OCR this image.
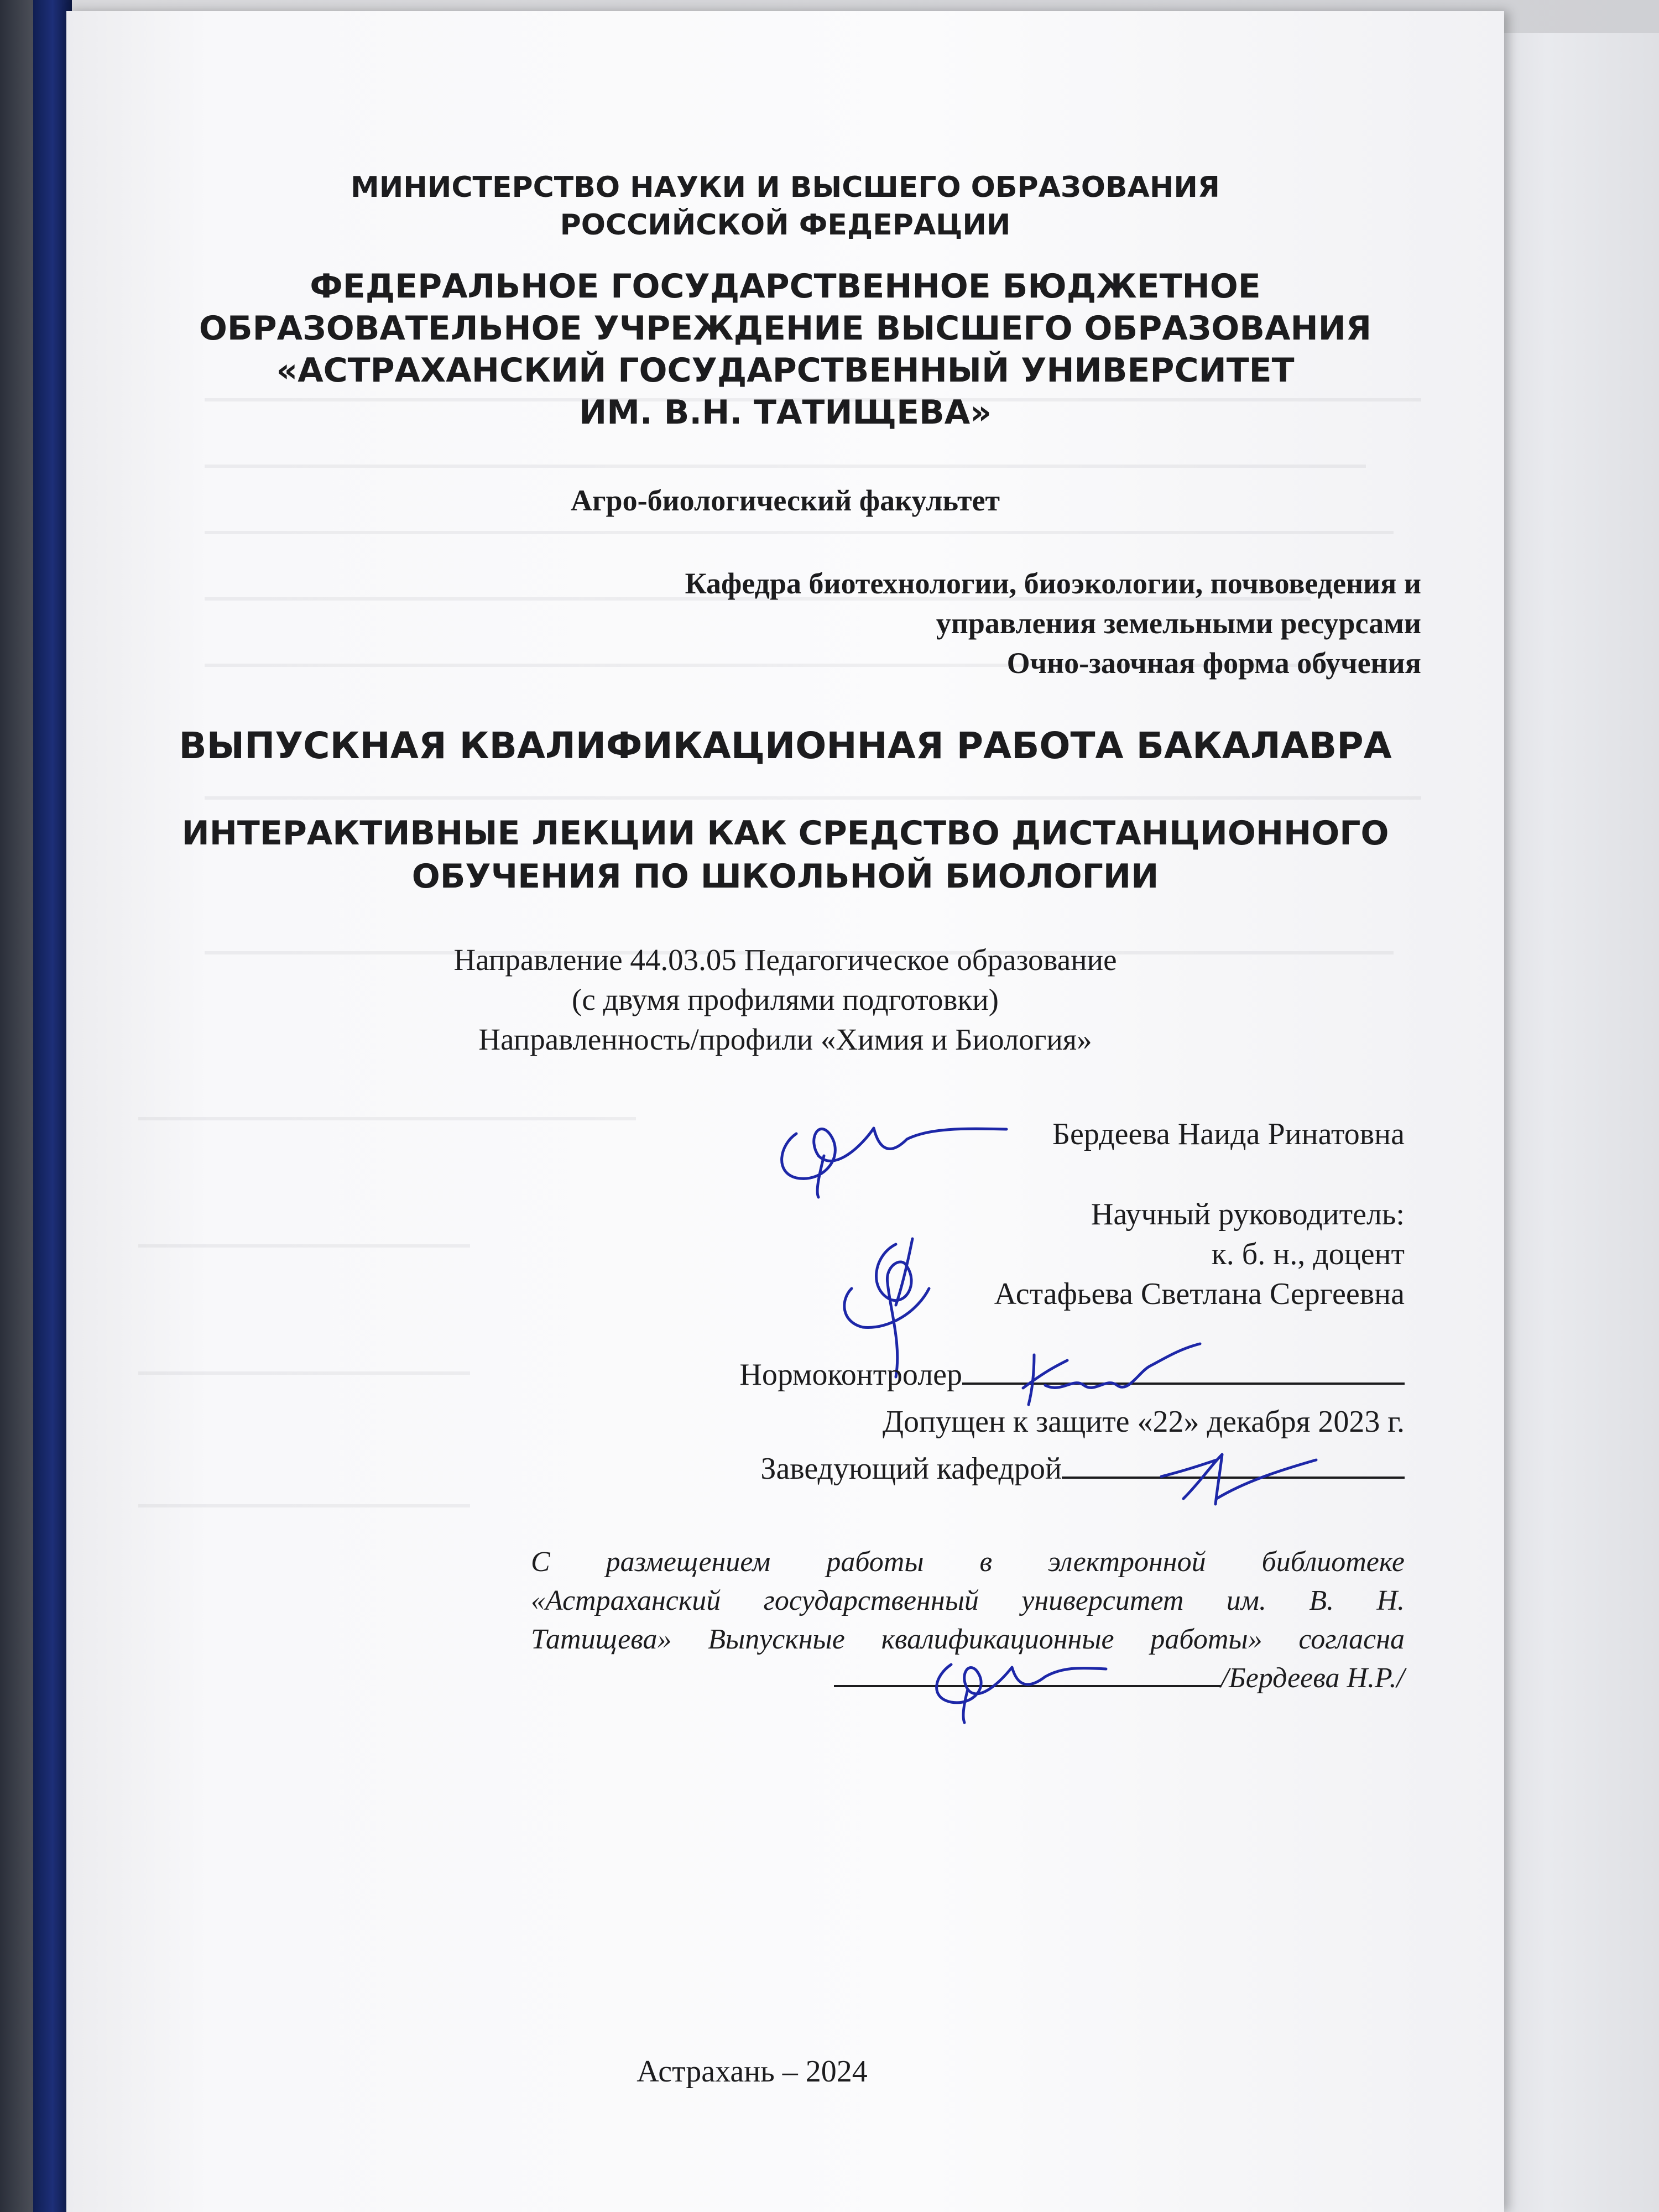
МИНИСТЕРСТВО НАУКИ И ВЫСШЕГО ОБРАЗОВАНИЯ
РОССИЙСКОЙ ФЕДЕРАЦИИ
ФЕДЕРАЛЬНОЕ ГОСУДАРСТВЕННОЕ БЮДЖЕТНОЕ
ОБРАЗОВАТЕЛЬНОЕ УЧРЕЖДЕНИЕ ВЫСШЕГО ОБРАЗОВАНИЯ
«АСТРАХАНСКИЙ ГОСУДАРСТВЕННЫЙ УНИВЕРСИТЕТ
ИМ. В.Н. ТАТИЩЕВА»
Агро-биологический факультет
Кафедра биотехнологии, биоэкологии, почвоведения и
управления земельными ресурсами
Очно-заочная форма обучения
ВЫПУСКНАЯ КВАЛИФИКАЦИОННАЯ РАБОТА БАКАЛАВРА
ИНТЕРАКТИВНЫЕ ЛЕКЦИИ КАК СРЕДСТВО ДИСТАНЦИОННОГО
ОБУЧЕНИЯ ПО ШКОЛЬНОЙ БИОЛОГИИ
Направление 44.03.05 Педагогическое образование
(с двумя профилями подготовки)
Направленность/профили «Химия и Биология»
Бердеева Наида Ринатовна
Научный руководитель:
к. б. н., доцент
Астафьева Светлана Сергеевна
Нормоконтролер
Допущен к защите «22» декабря 2023 г.
Заведующий кафедрой
С размещением работы в электронной библиотеке
«Астраханский государственный университет им. В. Н.
Татищева» Выпускные квалификационные работы» согласна
/Бердеева Н.Р./
Астрахань – 2024
